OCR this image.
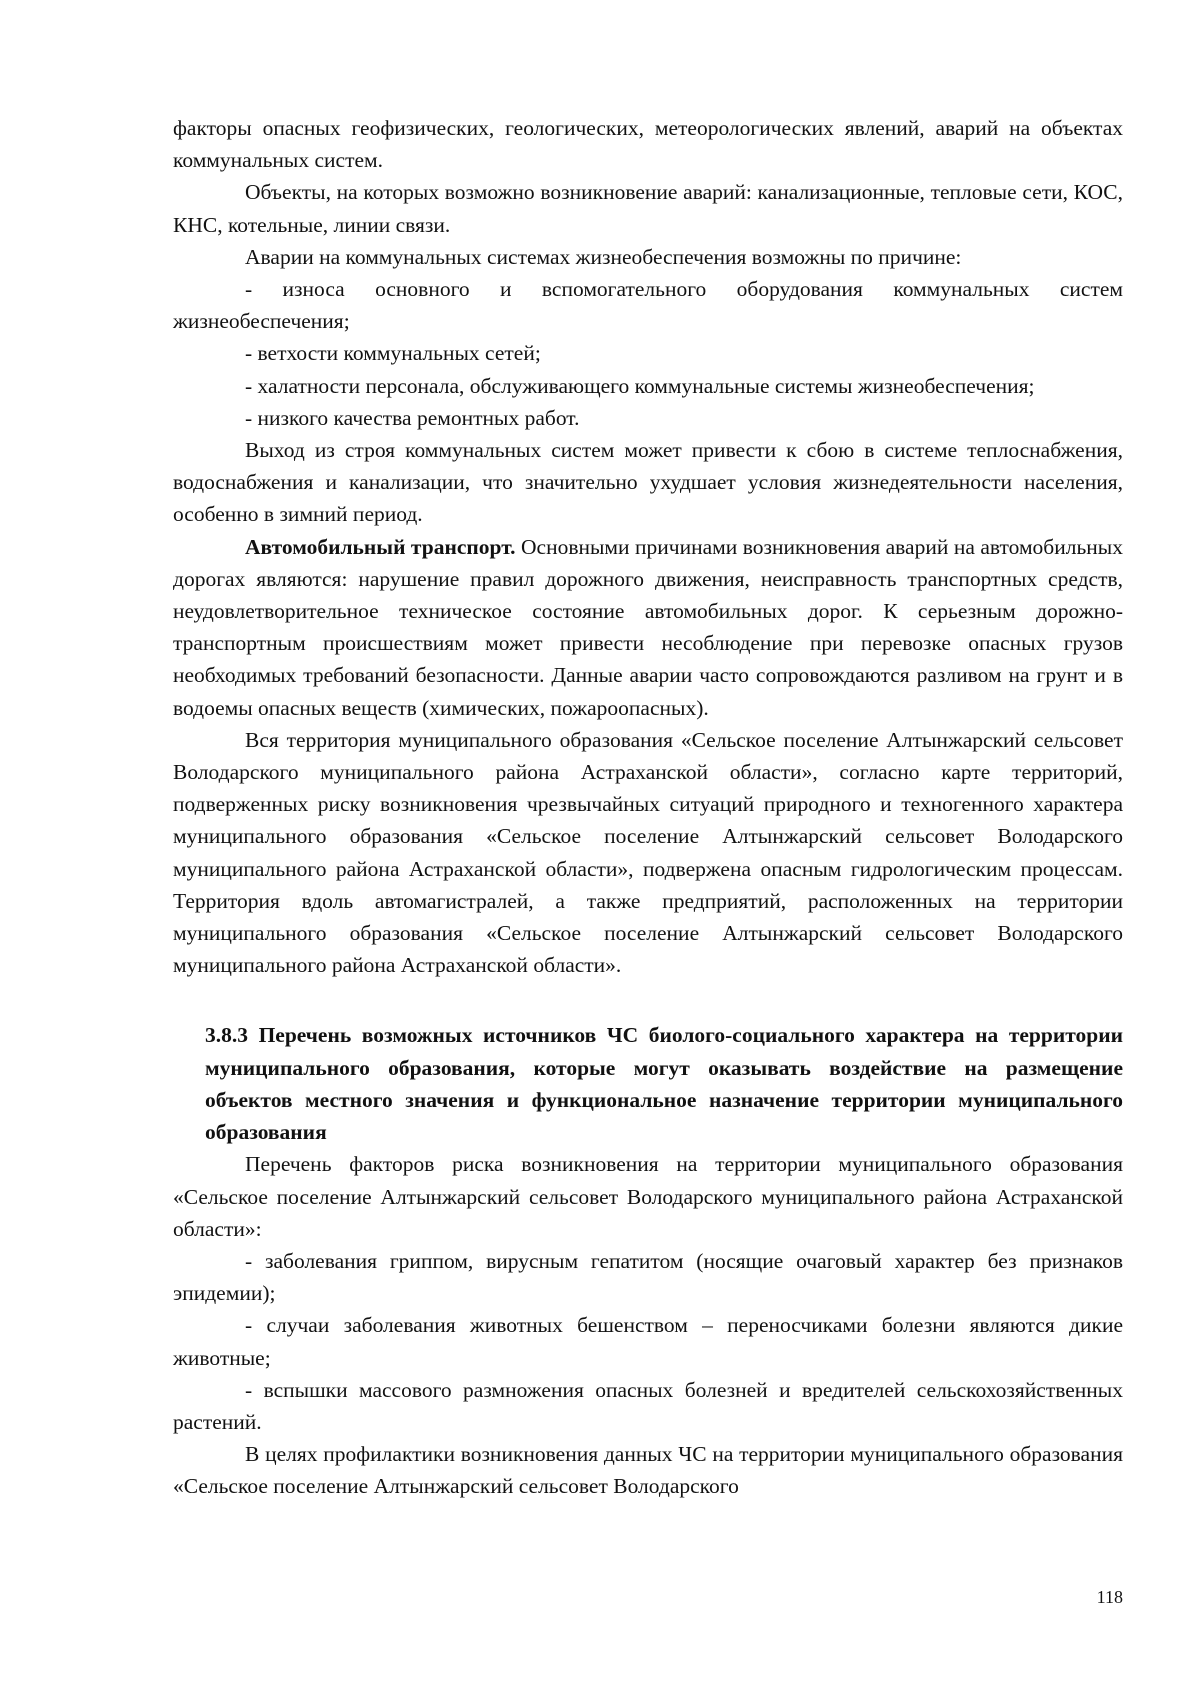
факторы опасных геофизических, геологических, метеорологических явлений, аварий на объектах коммунальных систем.

Объекты, на которых возможно возникновение аварий: канализационные, тепловые сети, КОС, КНС, котельные, линии связи.

Аварии на коммунальных системах жизнеобеспечения возможны по причине:

- износа основного и вспомогательного оборудования коммунальных систем жизнеобеспечения;

- ветхости коммунальных сетей;

- халатности персонала, обслуживающего коммунальные системы жизнеобеспечения;

- низкого качества ремонтных работ.

Выход из строя коммунальных систем может привести к сбою в системе теплоснабжения, водоснабжения и канализации, что значительно ухудшает условия жизнедеятельности населения, особенно в зимний период.

Автомобильный транспорт. Основными причинами возникновения аварий на автомобильных дорогах являются: нарушение правил дорожного движения, неисправность транспортных средств, неудовлетворительное техническое состояние автомобильных дорог. К серьезным дорожно-транспортным происшествиям может привести несоблюдение при перевозке опасных грузов необходимых требований безопасности. Данные аварии часто сопровождаются разливом на грунт и в водоемы опасных веществ (химических, пожароопасных).

Вся территория муниципального образования «Сельское поселение Алтынжарский сельсовет Володарского муниципального района Астраханской области», согласно карте территорий, подверженных риску возникновения чрезвычайных ситуаций природного и техногенного характера муниципального образования «Сельское поселение Алтынжарский сельсовет Володарского муниципального района Астраханской области», подвержена опасным гидрологическим процессам. Территория вдоль автомагистралей, а также предприятий, расположенных на территории муниципального образования «Сельское поселение Алтынжарский сельсовет Володарского муниципального района Астраханской области».

3.8.3 Перечень возможных источников ЧС биолого-социального характера на территории муниципального образования, которые могут оказывать воздействие на размещение объектов местного значения и функциональное назначение территории муниципального образования

Перечень факторов риска возникновения на территории муниципального образования «Сельское поселение Алтынжарский сельсовет Володарского муниципального района Астраханской области»:

- заболевания гриппом, вирусным гепатитом (носящие очаговый характер без признаков эпидемии);

- случаи заболевания животных бешенством – переносчиками болезни являются дикие животные;

- вспышки массового размножения опасных болезней и вредителей сельскохозяйственных растений.

В целях профилактики возникновения данных ЧС на территории муниципального образования «Сельское поселение Алтынжарский сельсовет Володарского

118
